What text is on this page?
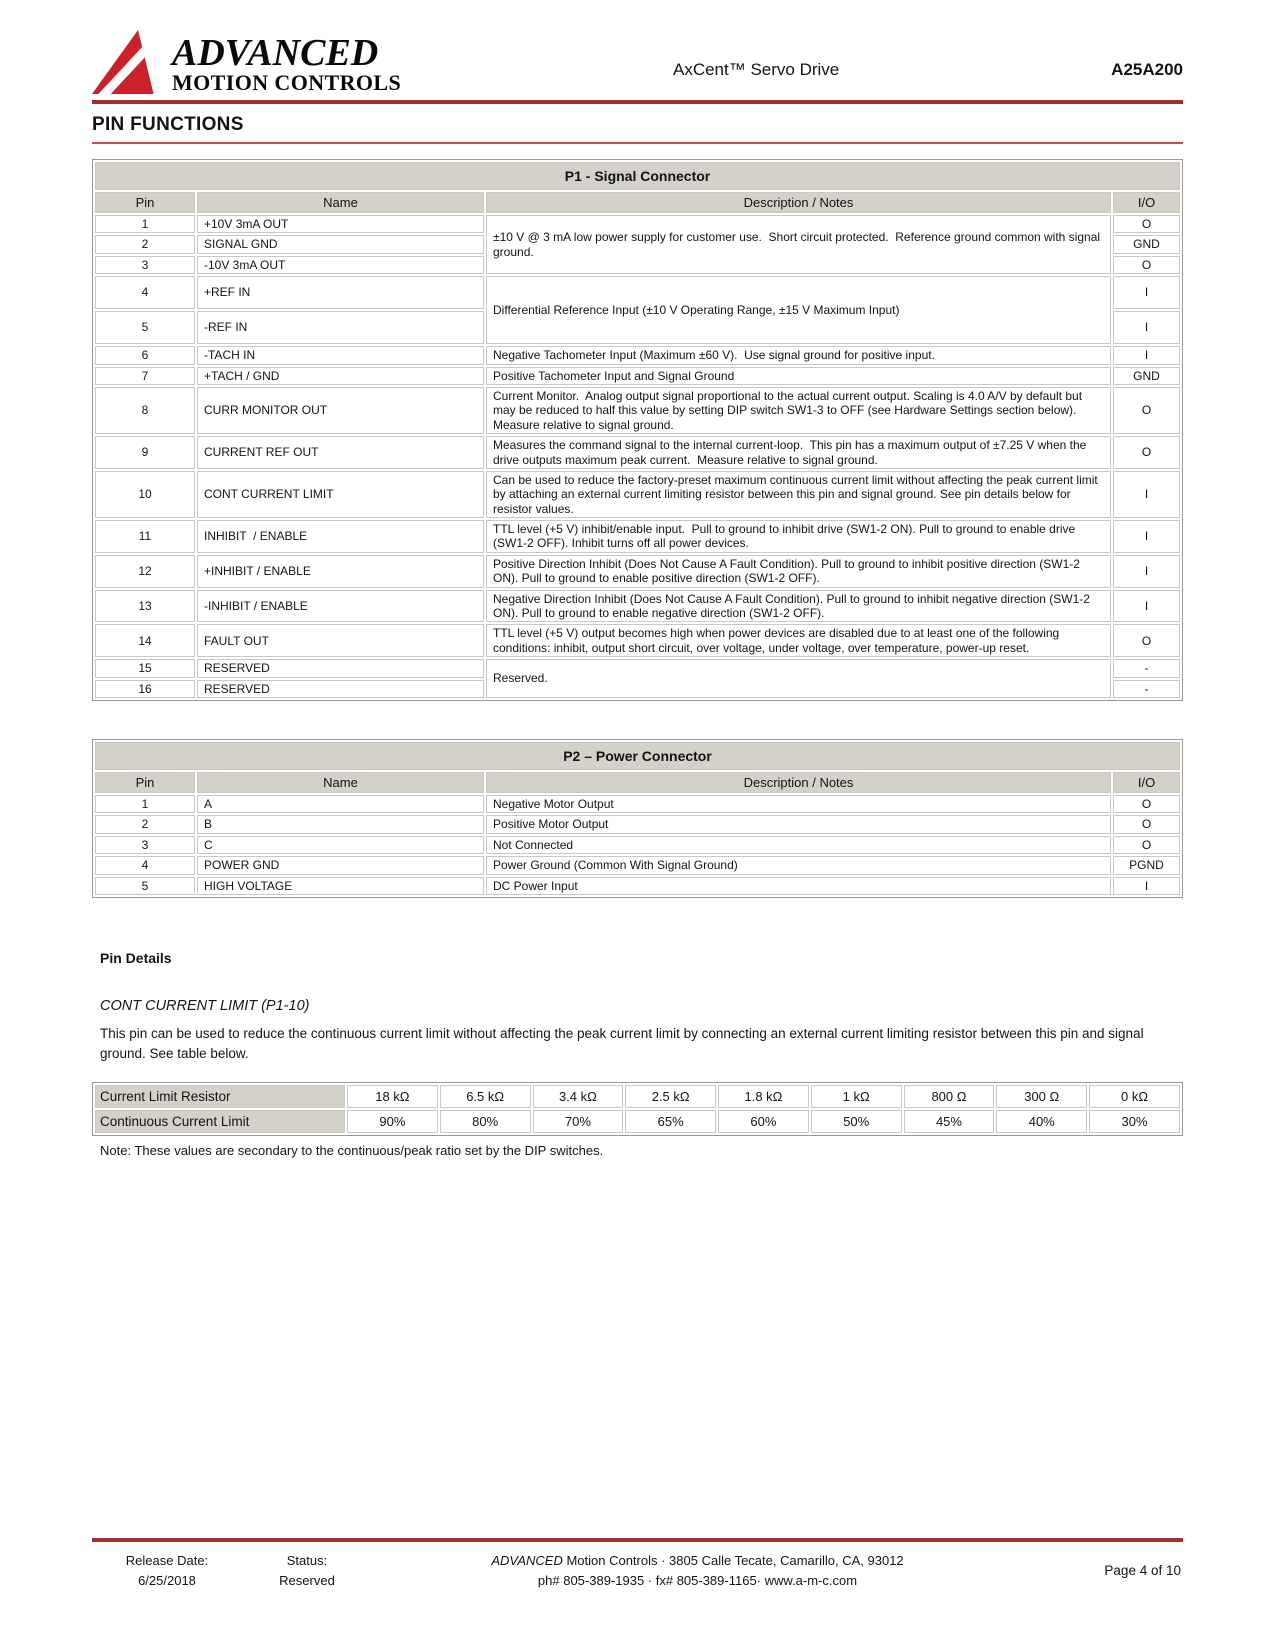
ADVANCED
MOTION CONTROLS
AxCent™ Servo Drive	A25A200
PIN FUNCTIONS
P1 - Signal Connector			
Pin	Name	Description / Notes	I/O
1	+10V 3mA OUT	±10 V @ 3 mA low power supply for customer use.  Short circuit protected.  Reference ground common with signal ground.	O
2	SIGNAL GND		GND
3	-10V 3mA OUT		O
4	+REF IN	Differential Reference Input (±10 V Operating Range, ±15 V Maximum Input)	I
5	-REF IN		I
6	-TACH IN	Negative Tachometer Input (Maximum ±60 V).  Use signal ground for positive input.	I
7	+TACH / GND	Positive Tachometer Input and Signal Ground	GND
8	CURR MONITOR OUT	Current Monitor.  Analog output signal proportional to the actual current output. Scaling is 4.0 A/V by default but may be reduced to half this value by setting DIP switch SW1-3 to OFF (see Hardware Settings section below). Measure relative to signal ground.	O
9	CURRENT REF OUT	Measures the command signal to the internal current-loop.  This pin has a maximum output of ±7.25 V when the drive outputs maximum peak current.  Measure relative to signal ground.	O
10	CONT CURRENT LIMIT	Can be used to reduce the factory-preset maximum continuous current limit without affecting the peak current limit by attaching an external current limiting resistor between this pin and signal ground. See pin details below for resistor values.	I
11	INHIBIT  / ENABLE	TTL level (+5 V) inhibit/enable input.  Pull to ground to inhibit drive (SW1-2 ON). Pull to ground to enable drive (SW1-2 OFF). Inhibit turns off all power devices.	I
12	+INHIBIT / ENABLE	Positive Direction Inhibit (Does Not Cause A Fault Condition). Pull to ground to inhibit positive direction (SW1-2 ON). Pull to ground to enable positive direction (SW1-2 OFF).	I
13	-INHIBIT / ENABLE	Negative Direction Inhibit (Does Not Cause A Fault Condition). Pull to ground to inhibit negative direction (SW1-2 ON). Pull to ground to enable negative direction (SW1-2 OFF).	I
14	FAULT OUT	TTL level (+5 V) output becomes high when power devices are disabled due to at least one of the following conditions: inhibit, output short circuit, over voltage, under voltage, over temperature, power-up reset.	O
15	RESERVED	Reserved.	-
16	RESERVED		-
P2 – Power Connector			
Pin	Name	Description / Notes	I/O
1	A	Negative Motor Output	O
2	B	Positive Motor Output	O
3	C	Not Connected	O
4	POWER GND	Power Ground (Common With Signal Ground)	PGND
5	HIGH VOLTAGE	DC Power Input	I
Pin Details
CONT CURRENT LIMIT (P1-10)
This pin can be used to reduce the continuous current limit without affecting the peak current limit by connecting an external current limiting resistor between this pin and signal ground. See table below.
Current Limit Resistor	18 kΩ	6.5 kΩ	3.4 kΩ	2.5 kΩ	1.8 kΩ	1 kΩ	800 Ω	300 Ω	0 kΩ
Continuous Current Limit	90%	80%	70%	65%	60%	50%	45%	40%	30%
Note: These values are secondary to the continuous/peak ratio set by the DIP switches.
Release Date:
6/25/2018
Status:
Reserved
ADVANCED Motion Controls · 3805 Calle Tecate, Camarillo, CA, 93012
ph# 805-389-1935 · fx# 805-389-1165· www.a-m-c.com
Page 4 of 10
